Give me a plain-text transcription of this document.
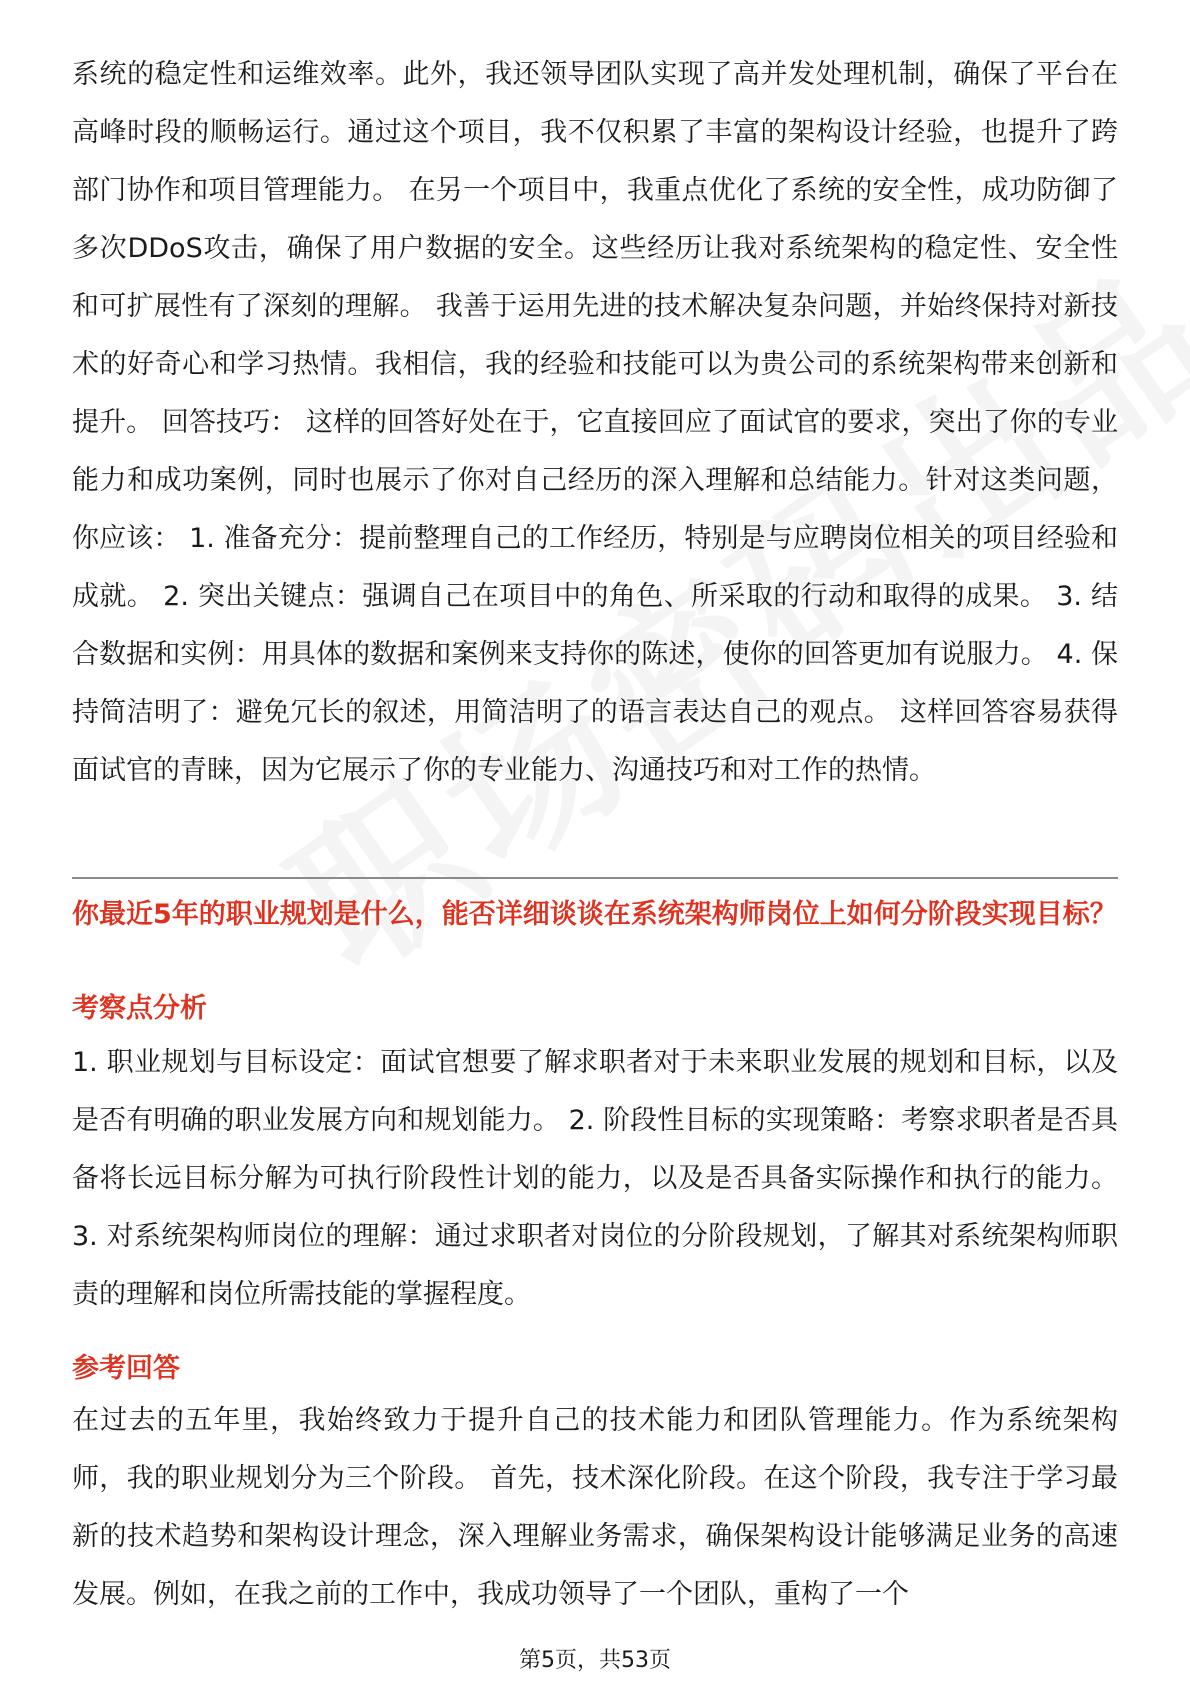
系统的稳定性和运维效率。此外，我还领导团队实现了高并发处理机制，确保了平台在高峰时段的顺畅运行。通过这个项目，我不仅积累了丰富的架构设计经验，也提升了跨部门协作和项目管理能力。 在另一个项目中，我重点优化了系统的安全性，成功防御了多次DDoS攻击，确保了用户数据的安全。这些经历让我对系统架构的稳定性、安全性和可扩展性有了深刻的理解。 我善于运用先进的技术解决复杂问题，并始终保持对新技术的好奇心和学习热情。我相信，我的经验和技能可以为贵公司的系统架构带来创新和提升。 回答技巧： 这样的回答好处在于，它直接回应了面试官的要求，突出了你的专业能力和成功案例，同时也展示了你对自己经历的深入理解和总结能力。针对这类问题，你应该： 1. 准备充分：提前整理自己的工作经历，特别是与应聘岗位相关的项目经验和成就。 2. 突出关键点：强调自己在项目中的角色、所采取的行动和取得的成果。 3. 结合数据和实例：用具体的数据和案例来支持你的陈述，使你的回答更加有说服力。 4. 保持简洁明了：避免冗长的叙述，用简洁明了的语言表达自己的观点。 这样回答容易获得面试官的青睐，因为它展示了你的专业能力、沟通技巧和对工作的热情。

你最近5年的职业规划是什么，能否详细谈谈在系统架构师岗位上如何分阶段实现目标？
考察点分析

1. 职业规划与目标设定：面试官想要了解求职者对于未来职业发展的规划和目标，以及是否有明确的职业发展方向和规划能力。 2. 阶段性目标的实现策略：考察求职者是否具备将长远目标分解为可执行阶段性计划的能力，以及是否具备实际操作和执行的能力。 3. 对系统架构师岗位的理解：通过求职者对岗位的分阶段规划，了解其对系统架构师职责的理解和岗位所需技能的掌握程度。

参考回答

在过去的五年里，我始终致力于提升自己的技术能力和团队管理能力。作为系统架构师，我的职业规划分为三个阶段。 首先，技术深化阶段。在这个阶段，我专注于学习最新的技术趋势和架构设计理念，深入理解业务需求，确保架构设计能够满足业务的高速发展。例如，在我之前的工作中，我成功领导了一个团队，重构了一个

第5页，共53页
